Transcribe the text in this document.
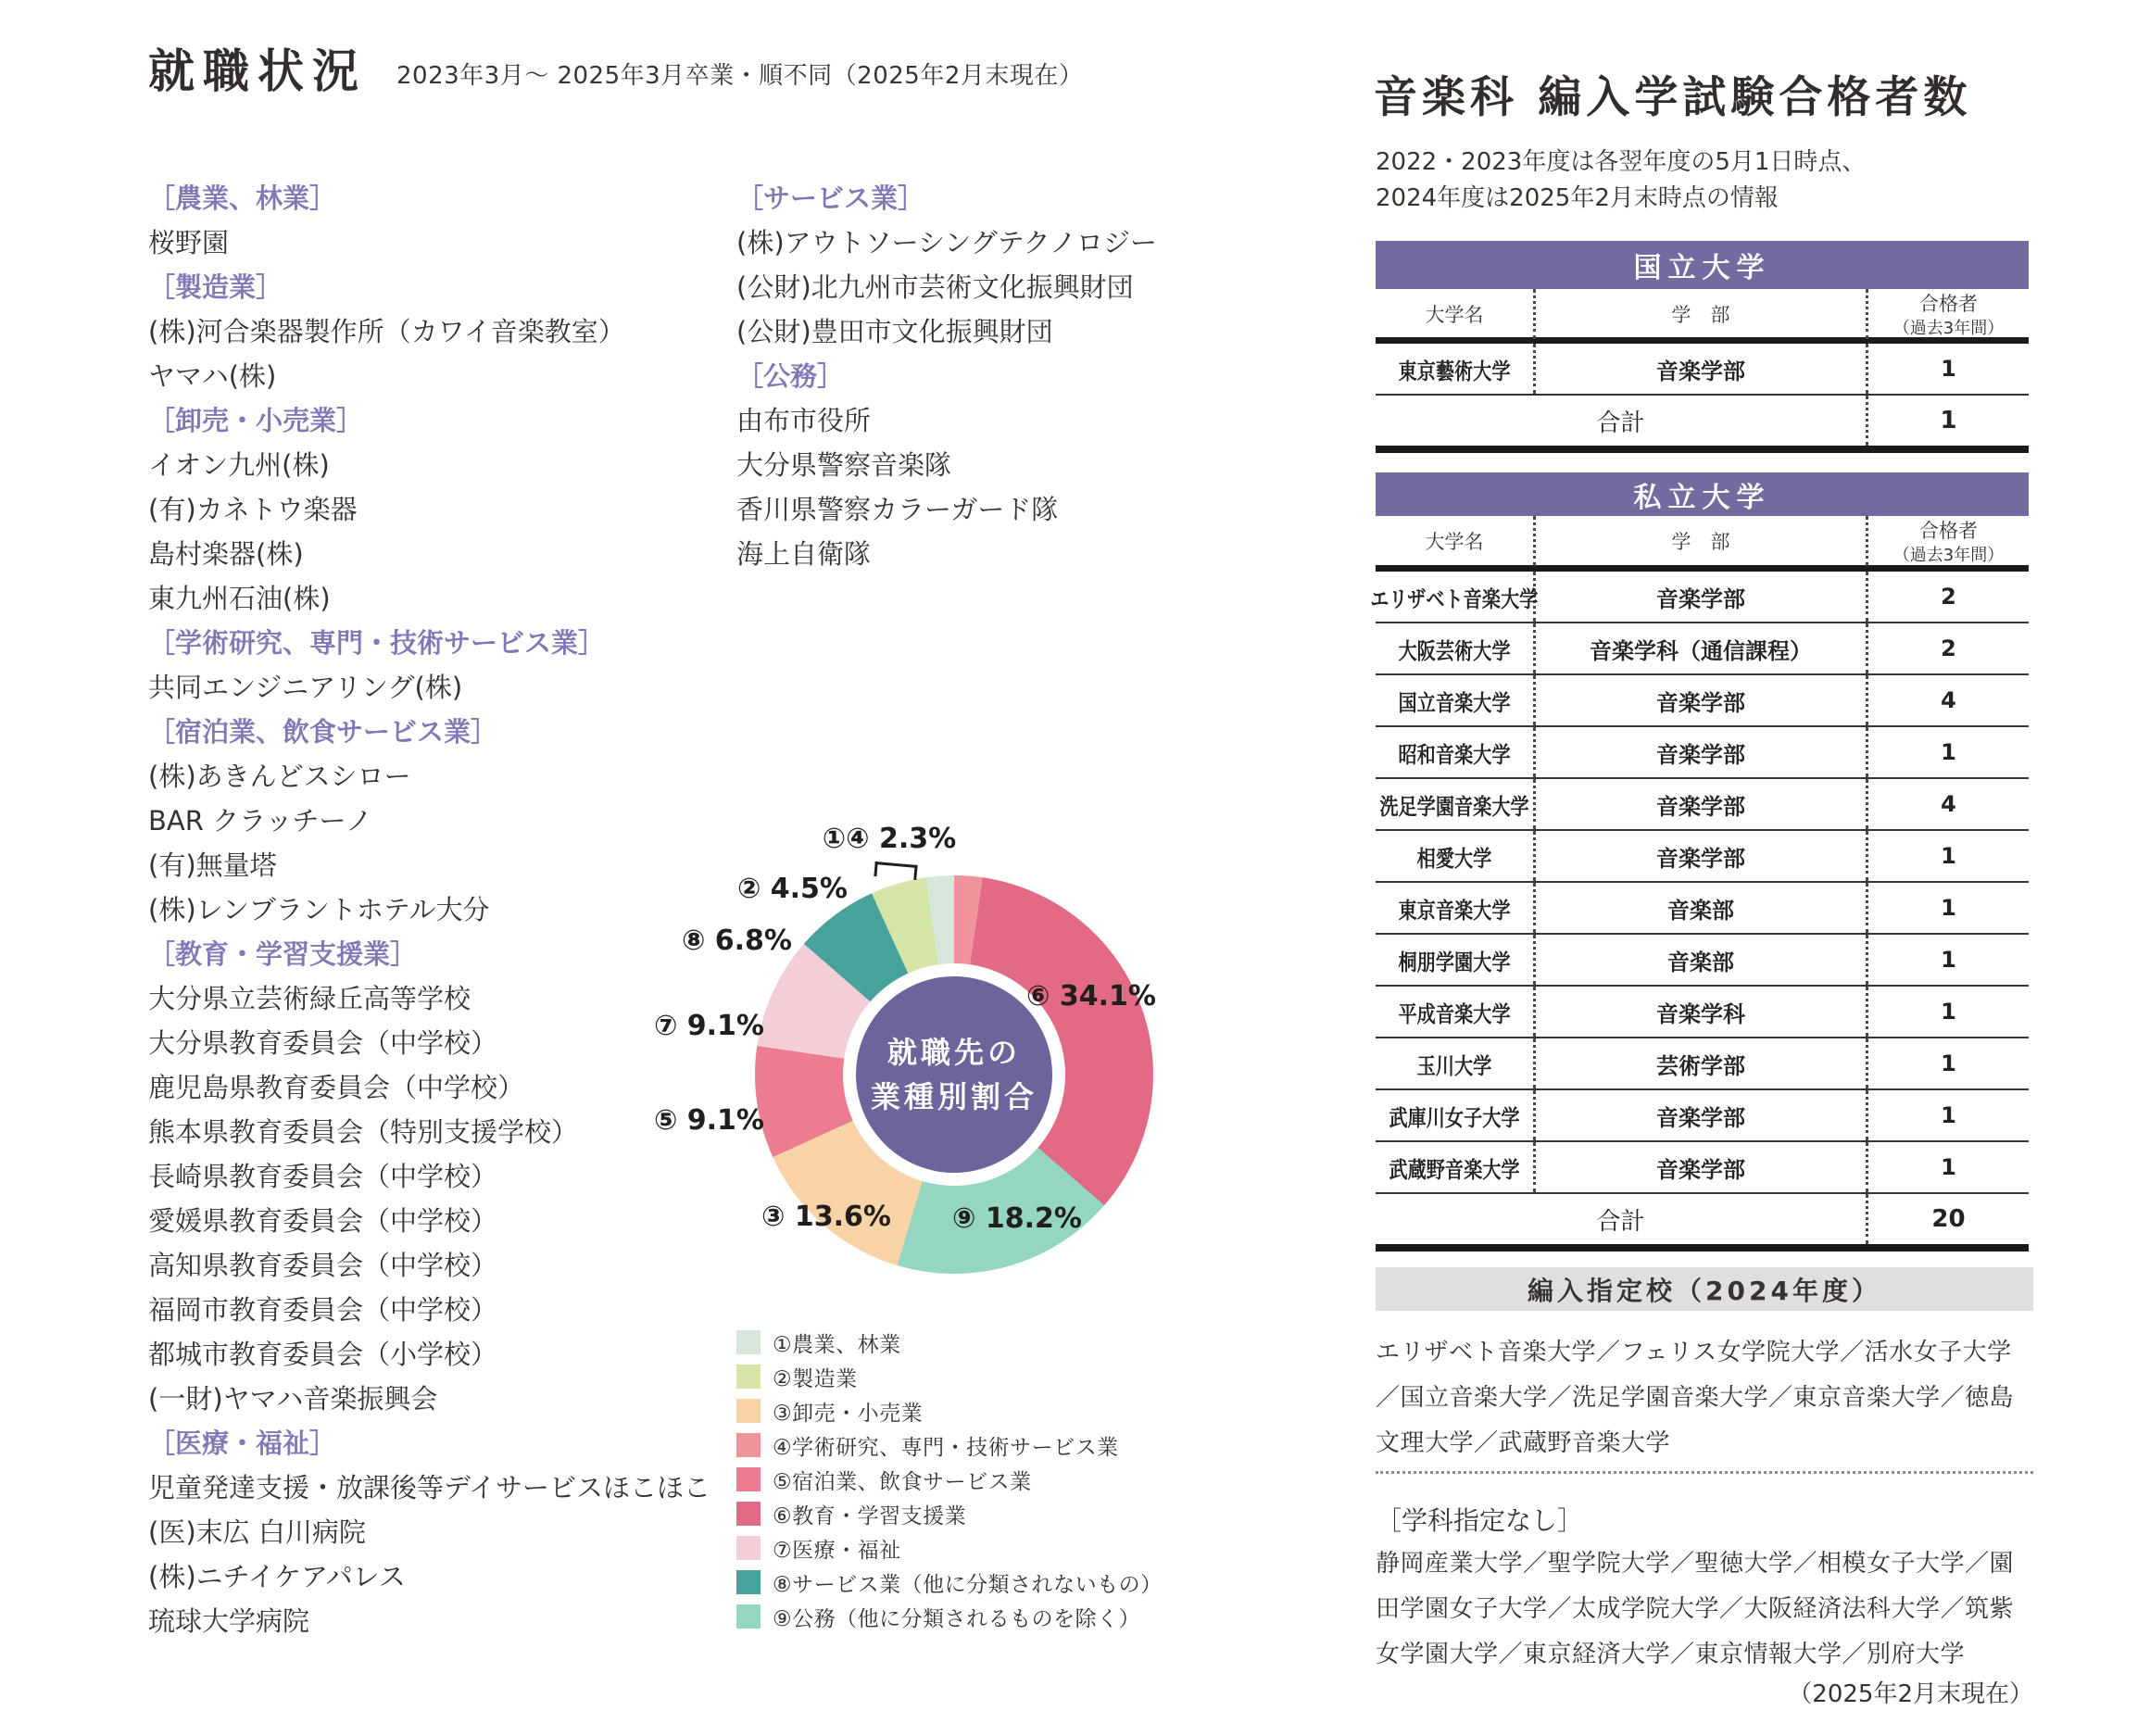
就職状況 2023年3月～ 2025年3月卒業・順不同（2025年2月末現在）
［農業、林業］
桜野園
［製造業］
(株)河合楽器製作所（カワイ音楽教室）
ヤマハ(株)
［卸売・小売業］
イオン九州(株)
(有)カネトウ楽器
島村楽器(株)
東九州石油(株)
［学術研究、専門・技術サービス業］
共同エンジニアリング(株)
［宿泊業、飲食サービス業］
(株)あきんどスシロー
BAR クラッチーノ
(有)無量塔
(株)レンブラントホテル大分
［教育・学習支援業］
大分県立芸術緑丘高等学校
大分県教育委員会（中学校）
鹿児島県教育委員会（中学校）
熊本県教育委員会（特別支援学校）
長崎県教育委員会（中学校）
愛媛県教育委員会（中学校）
高知県教育委員会（中学校）
福岡市教育委員会（中学校）
都城市教育委員会（小学校）
(一財)ヤマハ音楽振興会
［医療・福祉］
児童発達支援・放課後等デイサービスほこほこ
(医)末広 白川病院
(株)ニチイケアパレス
琉球大学病院
［サービス業］
(株)アウトソーシングテクノロジー
(公財)北九州市芸術文化振興財団
(公財)豊田市文化振興財団
［公務］
由布市役所
大分県警察音楽隊
香川県警察カラーガード隊
海上自衛隊
就職先の
業種別割合
①④ 2.3%
② 4.5%
⑧ 6.8%
⑦ 9.1%
⑤ 9.1%
③ 13.6% ⑨ 18.2%
⑥ 34.1%
①農業、林業
②製造業
③卸売・小売業
④学術研究、専門・技術サービス業
⑤宿泊業、飲食サービス業
⑥教育・学習支援業
⑦医療・福祉
⑧サービス業（他に分類されないもの）
⑨公務（他に分類されるものを除く）
音楽科 編入学試験合格者数
2022・2023年度は各翌年度の5月1日時点、
2024年度は2025年2月末時点の情報
国立大学
大学名	学　部	合格者
（過去3年間）
東京藝術大学	音楽学部	1
合計	1
私立大学
大学名	学　部	合格者
（過去3年間）
エリザベト音楽大学	音楽学部	2
大阪芸術大学	音楽学科（通信課程）	2
国立音楽大学	音楽学部	4
昭和音楽大学	音楽学部	1
洗足学園音楽大学	音楽学部	4
相愛大学	音楽学部	1
東京音楽大学	音楽部	1
桐朋学園大学	音楽部	1
平成音楽大学	音楽学科	1
玉川大学	芸術学部	1
武庫川女子大学	音楽学部	1
武蔵野音楽大学	音楽学部	1
合計	20
編入指定校（2024年度）
エリザベト音楽大学／フェリス女学院大学／活水女子大学／国立音楽大学／洗足学園音楽大学／東京音楽大学／徳島文理大学／武蔵野音楽大学
［学科指定なし］
静岡産業大学／聖学院大学／聖徳大学／相模女子大学／園田学園女子大学／太成学院大学／大阪経済法科大学／筑紫女学園大学／東京経済大学／東京情報大学／別府大学
（2025年2月末現在）
